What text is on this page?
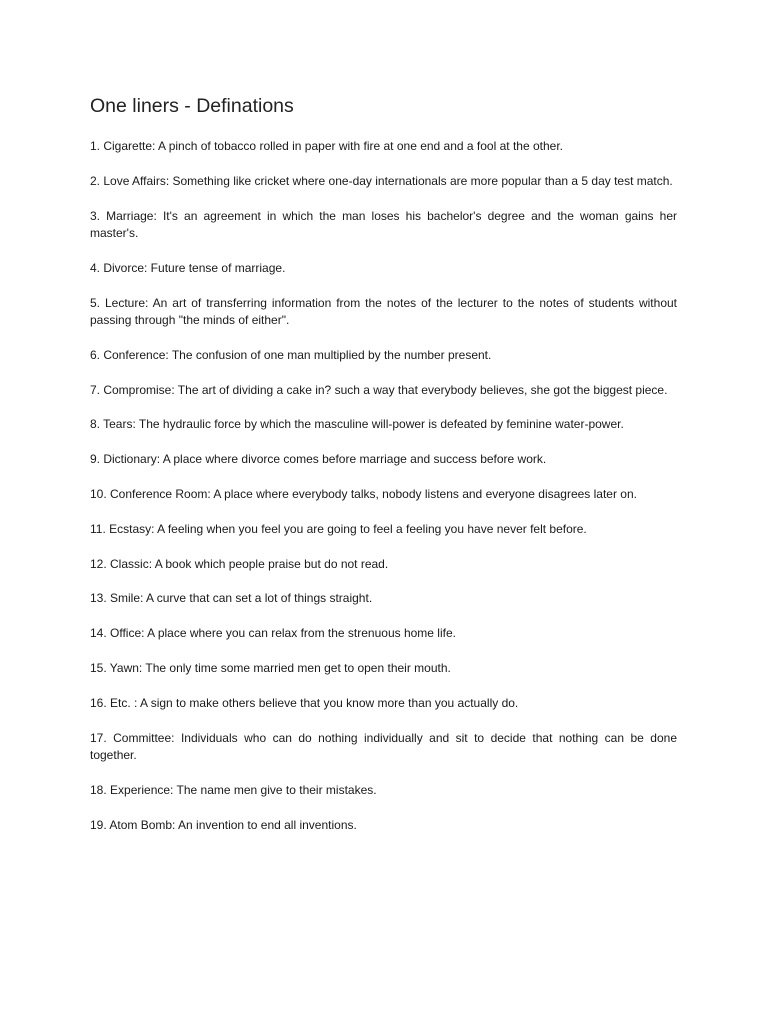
One liners - Definations
1. Cigarette: A pinch of tobacco rolled in paper with fire at one end and a fool at the other.
2. Love Affairs: Something like cricket where one-day internationals are more popular than a 5 day test match.
3. Marriage: It's an agreement in which the man loses his bachelor's degree and the woman gains her master's.
4. Divorce: Future tense of marriage.
5. Lecture: An art of transferring information from the notes of the lecturer to the notes of students without passing through "the minds of either".
6. Conference: The confusion of one man multiplied by the number present.
7. Compromise: The art of dividing a cake in? such a way that everybody believes, she got the biggest piece.
8. Tears: The hydraulic force by which the masculine will-power is defeated by feminine water-power.
9. Dictionary: A place where divorce comes before marriage and success before work.
10. Conference Room: A place where everybody talks, nobody listens and everyone disagrees later on.
11. Ecstasy: A feeling when you feel you are going to feel a feeling you have never felt before.
12. Classic: A book which people praise but do not read.
13. Smile: A curve that can set a lot of things straight.
14. Office: A place where you can relax from the strenuous home life.
15. Yawn: The only time some married men get to open their mouth.
16. Etc. : A sign to make others believe that you know more than you actually do.
17. Committee: Individuals who can do nothing individually and sit to decide that nothing can be done together.
18. Experience: The name men give to their mistakes.
19. Atom Bomb: An invention to end all inventions.
